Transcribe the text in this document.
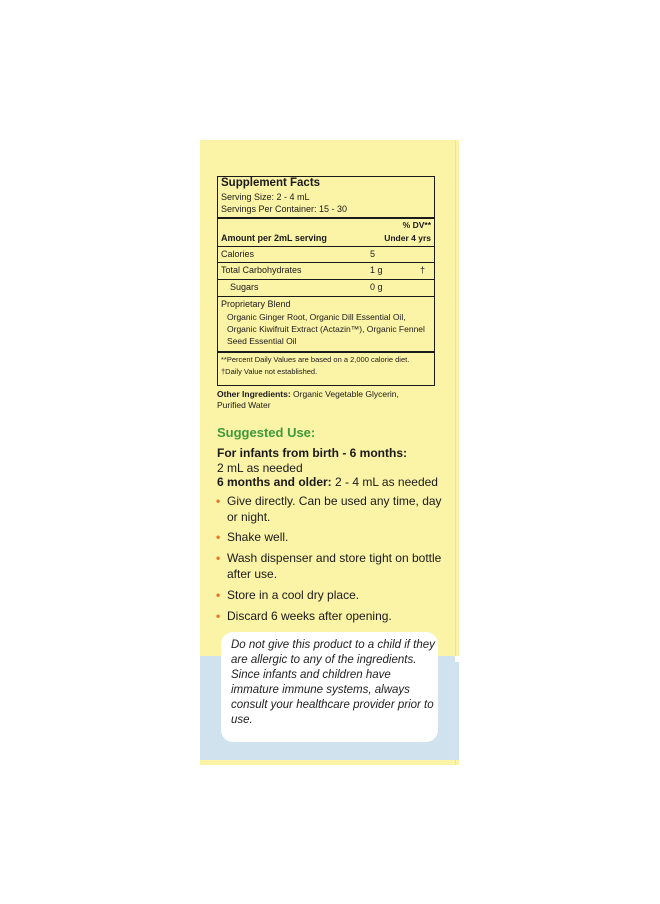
Supplement Facts
Serving Size: 2 - 4 mL
Servings Per Container: 15 - 30
% DV**
Amount per 2mL serving	Under 4 yrs
Calories	5
Total Carbohydrates	1 g	†
Sugars	0 g
Proprietary Blend
Organic Ginger Root, Organic Dill Essential Oil,
Organic Kiwifruit Extract (Actazin™), Organic Fennel
Seed Essential Oil
**Percent Daily Values are based on a 2,000 calorie diet.
†Daily Value not established.
Other Ingredients: Organic Vegetable Glycerin,
Purified Water
Suggested Use:
For infants from birth - 6 months:
2 mL as needed
6 months and older: 2 - 4 mL as needed
• Give directly. Can be used any time, day or night.
• Shake well.
• Wash dispenser and store tight on bottle after use.
• Store in a cool dry place.
• Discard 6 weeks after opening.

Do not give this product to a child if they are allergic to any of the ingredients. Since infants and children have immature immune systems, always consult your healthcare provider prior to use.
